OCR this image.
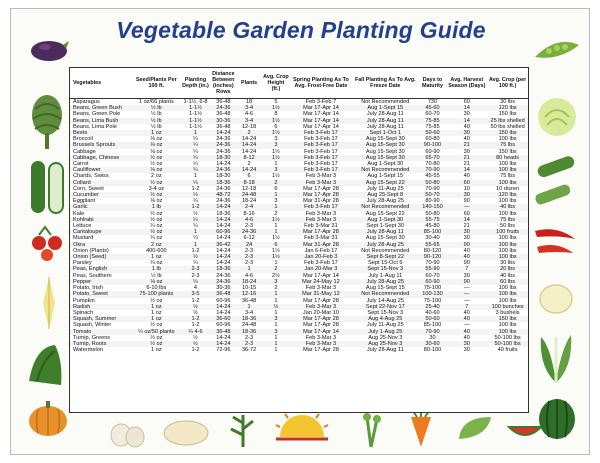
Vegetable Garden Planting Guide
Vegetables	Seed/Plants Per 100 ft.	Planting Depth (in.)	Distance Between (inches)
Rows	Plants	Avg. Crop Height (ft.)	Spring Planting As To Avg. Frost-Free Date	Fall Planting As To Avg. Freeze Date	Days to Maturity	Avg. Harvest Season (Days)	Avg. Crop (per 100 ft.)
Asparagus	1 oz/66 plants	1-1½, 6-8	36-48	18	5	Feb 3-Feb 7	Not Recommended	730	60	30 lbs
Beans, Green Bush	½ lb	1-1½	24-36	3-4	1½	Mar 17-Apr 14	Aug 1-Sept 15	45-60	14	120 lbs
Beans, Green Pole	½ lb	1-1½	36-48	4-6	8	Mar 17-Apr 14	July 28-Aug 11	60-70	30	150 lbs
Beans, Lima Bush	½ lb	1-1½	30-36	3-4	1½	Mar 17-Apr 14	July 28-Aug 11	75-85	14	25 lbs shelled
Beans, Lima Pole	½ lb	1-1½	36-48	12-18	6	Mar 17-Apr 14	July 28-Aug 11	75-85	40	50 lbs shelled
Beets	1 oz	1	14-24	2	1½	Feb 3-Feb 17	Sept 1-Oct 1	50-60	30	150 lbs
Broccoli	⅛ oz	¼	24-36	14-24	3	Feb 3-Feb 17	Aug 15-Sept 30	60-80	40	100 lbs
Brussels Sprouts	⅛ oz	¼	24-36	14-24	3	Feb 3-Feb 17	Aug 15-Sept 30	90-100	21	75 lbs
Cabbage	⅛ oz	¼	24-36	14-24	1½	Feb 3-Feb 17	Aug 15-Sept 30	60-90	30	150 lbs
Cabbage, Chinese	½ oz	¼	18-30	8-12	1½	Feb 3-Feb 17	Aug 15-Sept 30	65-70	21	80 heads
Carrot	½ oz	¼	14-24	2	1	Feb 3-Feb 17	Aug 1-Sept 30	70-80	21	100 lbs
Cauliflower	⅛ oz	¼	24-36	14-24	3	Feb 3-Feb 17	Not Recommended	70-90	14	100 lbs
Chards, Swiss	2 oz	1	18-30	6	1½	Feb 3-Mar 3	Aug 1-Sept 15	45-55	40	75 lbs
Collard	½ oz	¼	18-36	8-18	2	Feb 3-Mar 3	Aug 15-Sept 22	50-80	60	100 lbs
Corn, Sweet	3-4 oz	1-2	24-36	12-18	6	Mar 17-Apr 28	July 11-Aug 25	70-90	10	10 dozen
Cucumber	½ oz	½	48-72	24-48	1	Mar 17-Apr 28	Aug 25-Sept 8	50-70	30	120 lbs
Eggplant	⅛ oz	¼	24-36	18-24	3	Mar 31-Apr 28	July 28-Aug 25	80-90	90	100 lbs
Garlic	1 lb	1-2	14-24	2-4	1	Feb 3-Feb 17	Not Recommended	140-150	—	40 lbs
Kale	½ oz	½	18-36	8-16	2	Feb 3-Mar 3	Aug 15-Sept 22	50-80	60	100 lbs
Kohlrabi	½ oz	¼	14-24	4-6	1½	Feb 3-Mar 3	Aug 1-Sept 30	55-75	14	75 lbs
Lettuce	¼ oz	¼	14-24	2-3	1	Feb 3-Mar 31	Sept 1-Sept 30	45-80	21	50 lbs
Cantaloupe	½ oz	1	60-96	24-36	1	Mar 17-Apr 28	July 28-Aug 11	85-100	30	100 fruits
Mustard	¼ oz	¼	14-24	6-12	1½	Feb 3-Mar 31	Aug 15-Sept 30	30-40	30	100 lbs
Okra	2 oz	1	36-42	24	6	Mar 31-Apr 28	July 28-Aug 25	55-65	90	100 lbs
Onion (Plants)	400-600	1-2	14-24	2-3	1½	Jan 6-Feb 17	Not Recommended	80-120	40	100 lbs
Onion (Seed)	1 oz	½	14-24	2-3	1½	Jan 20-Feb 3	Sept 8-Sept 22	90-120	40	100 lbs
Parsley	¼ oz	¼	14-24	2-3	1	Feb 3-Feb 17	Sept 15-Oct 6	70-90	90	30 lbs
Peas, English	1 lb	2-3	18-36	1	2	Jan 20-Mar 3	Sept 15-Nov 3	55-90	7	20 lbs
Peas, Southern	½ lb	2-3	24-36	4-6	2½	Mar 17-Apr 14	July 1-Aug 11	60-70	30	40 lbs
Pepper	⅛ oz	¼	24-36	18-24	3	Mar 24-May 12	July 28-Aug 25	60-90	90	60 lbs
Potato, Irish	6-10 lbs	4	30-36	10-15	2	Feb 3-Mar 3	Aug 15-Sept 15	75-100	—	100 lbs
Potato, Sweet	75-100 plants	3-5	36-48	12-16	1	Mar 31-May 12	Not Recommended	100-130	—	100 lbs
Pumpkin	½ oz	1-2	60-96	36-48	1	Mar 17-Apr 28	July 14-Aug 25	75-100	—	100 lbs
Radish	1 oz	½	14-24	1	½	Feb 3-Mar 3	Sept 22-Nov 17	25-40	7	100 bunches
Spinach	1 oz	½	14-24	3-4	1	Jan 20-Mar 10	Sept 15-Nov 3	40-60	40	3 bushels
Squash, Summer	1 oz	1-2	36-60	18-36	3	Mar 17-Apr 28	Aug 4-Aug 25	50-60	40	150 lbs
Squash, Winter	½ oz	1-2	60-96	24-48	1	Mar 17-Apr 28	July 11-Aug 25	85-100	—	100 lbs
Tomato	¼ oz/50 plants	¼ 4-6	36-48	18-36	3	Mar 17-Apr 14	July 1-Aug 25	70-90	40	100 lbs
Turnip, Greens	½ oz	½	14-24	2-3	1	Feb 3-Mar 3	Aug 25-Nov 3	30	40	50-100 lbs
Turnip, Roots	½ oz	½	14-24	2-3	1	Feb 3-Mar 3	Aug 25-Nov 3	30-60	30	50-100 lbs
Watermelon	1 oz	1-2	72-96	36-72	1	Mar 17-Apr 28	July 28-Aug 11	80-100	30	40 fruits
